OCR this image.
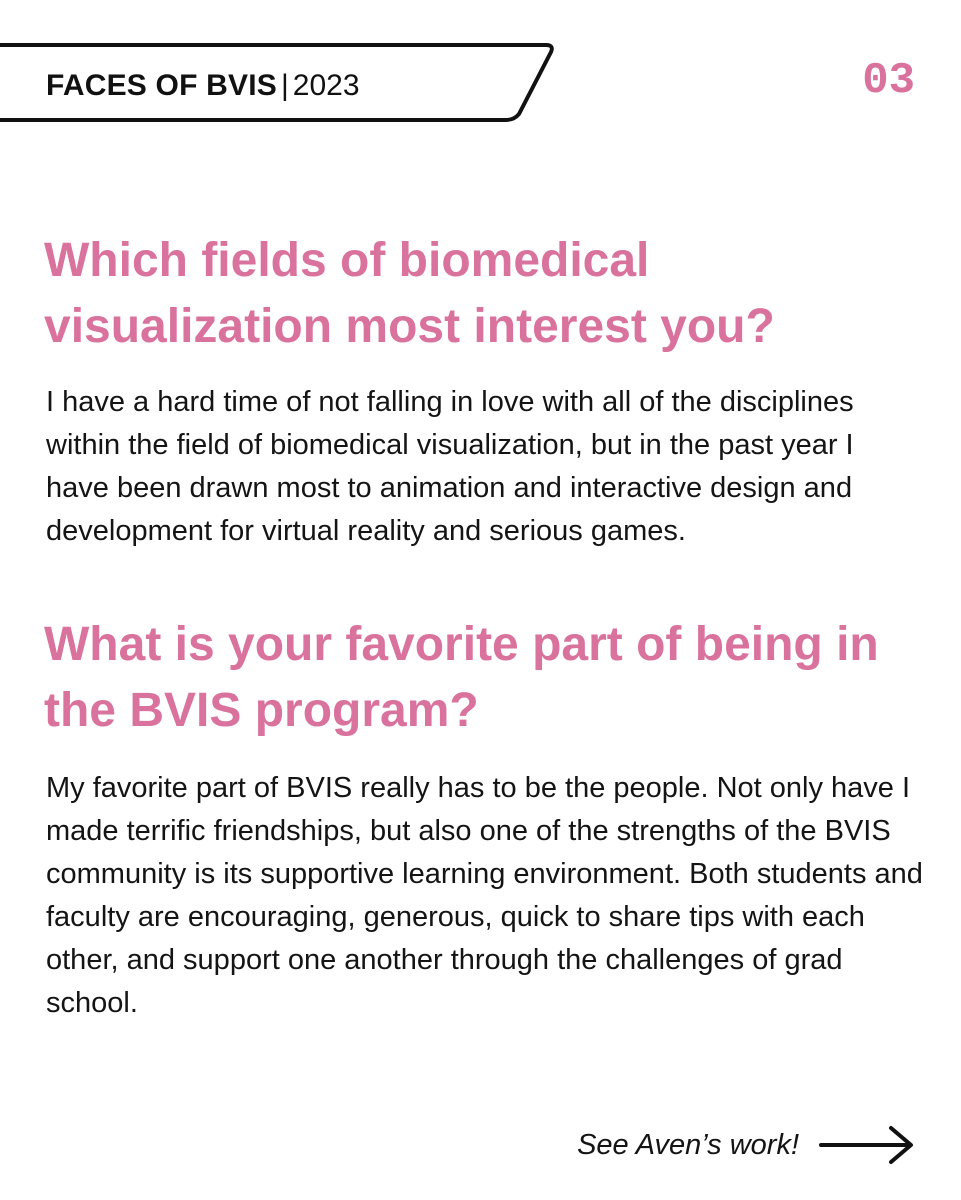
FACES OF BVIS | 2023	03
Which fields of biomedical visualization most interest you?

I have a hard time of not falling in love with all of the disciplines within the field of biomedical visualization, but in the past year I have been drawn most to animation and interactive design and development for virtual reality and serious games.

What is your favorite part of being in the BVIS program?

My favorite part of BVIS really has to be the people. Not only have I made terrific friendships, but also one of the strengths of the BVIS community is its supportive learning environment. Both students and faculty are encouraging, generous, quick to share tips with each other, and support one another through the challenges of grad school.

See Aven’s work!
